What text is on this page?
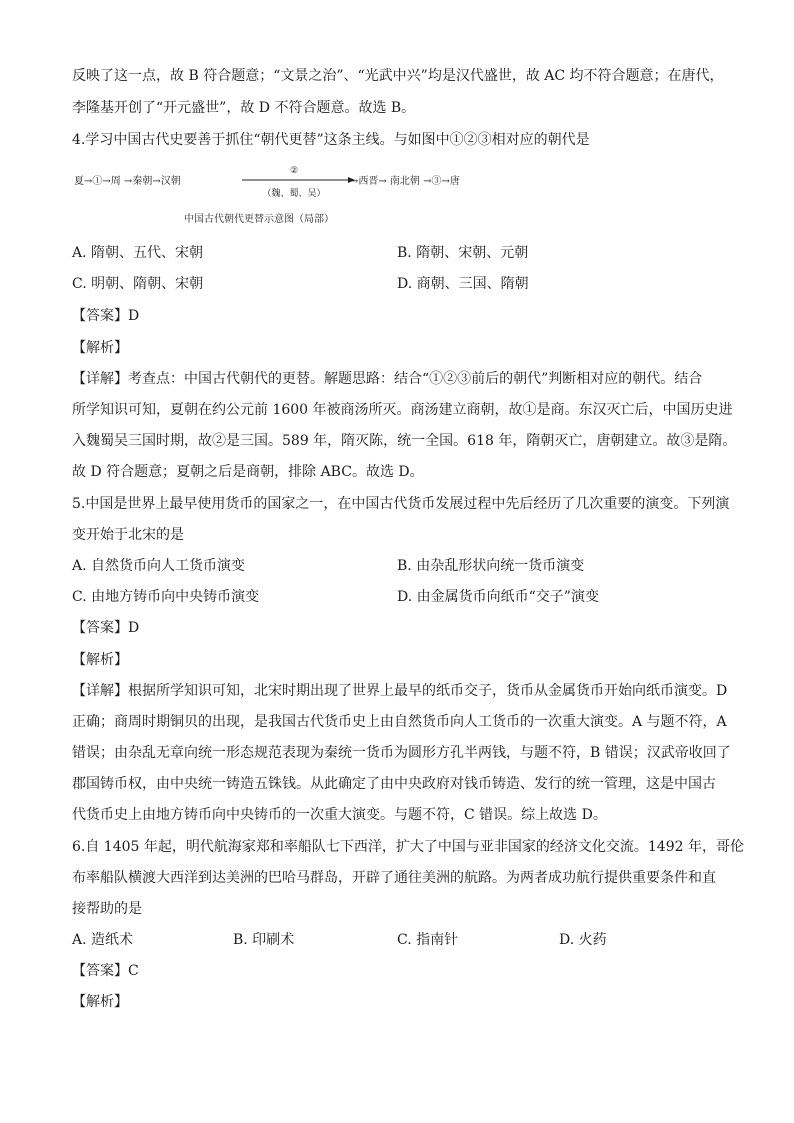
反映了这一点，故 B 符合题意；“文景之治”、“光武中兴”均是汉代盛世，故 AC 均不符合题意；在唐代，
李隆基开创了“开元盛世”，故 D 不符合题意。故选 B。
4.学习中国古代史要善于抓住“朝代更替”这条主线。与如图中①②③相对应的朝代是
夏→①→周 →秦朝→汉朝
②
（魏、蜀、吴）
→西晋→ 南北朝 →③→唐
中国古代朝代更替示意图（局部）
A. 隋朝、五代、宋朝	B. 隋朝、宋朝、元朝
C. 明朝、隋朝、宋朝	D. 商朝、三国、隋朝
【答案】D
【解析】
【详解】考查点：中国古代朝代的更替。解题思路：结合“①②③前后的朝代”判断相对应的朝代。结合
所学知识可知，夏朝在约公元前 1600 年被商汤所灭。商汤建立商朝，故①是商。东汉灭亡后，中国历史进
入魏蜀吴三国时期，故②是三国。589 年，隋灭陈，统一全国。618 年，隋朝灭亡，唐朝建立。故③是隋。
故 D 符合题意；夏朝之后是商朝，排除 ABC。故选 D。
5.中国是世界上最早使用货币的国家之一，在中国古代货币发展过程中先后经历了几次重要的演变。下列演
变开始于北宋的是
A. 自然货币向人工货币演变	B. 由杂乱形状向统一货币演变
C. 由地方铸币向中央铸币演变	D. 由金属货币向纸币“交子”演变
【答案】D
【解析】
【详解】根据所学知识可知，北宋时期出现了世界上最早的纸币交子，货币从金属货币开始向纸币演变。D
正确；商周时期铜贝的出现，是我国古代货币史上由自然货币向人工货币的一次重大演变。A 与题不符，A
错误；由杂乱无章向统一形态规范表现为秦统一货币为圆形方孔半两钱，与题不符，B 错误；汉武帝收回了
郡国铸币权，由中央统一铸造五铢钱。从此确定了由中央政府对钱币铸造、发行的统一管理，这是中国古
代货币史上由地方铸币向中央铸币的一次重大演变。与题不符，C 错误。综上故选 D。
6.自 1405 年起，明代航海家郑和率船队七下西洋，扩大了中国与亚非国家的经济文化交流。1492 年，哥伦
布率船队横渡大西洋到达美洲的巴哈马群岛，开辟了通往美洲的航路。为两者成功航行提供重要条件和直
接帮助的是
A. 造纸术	B. 印刷术	C. 指南针	D. 火药
【答案】C
【解析】
